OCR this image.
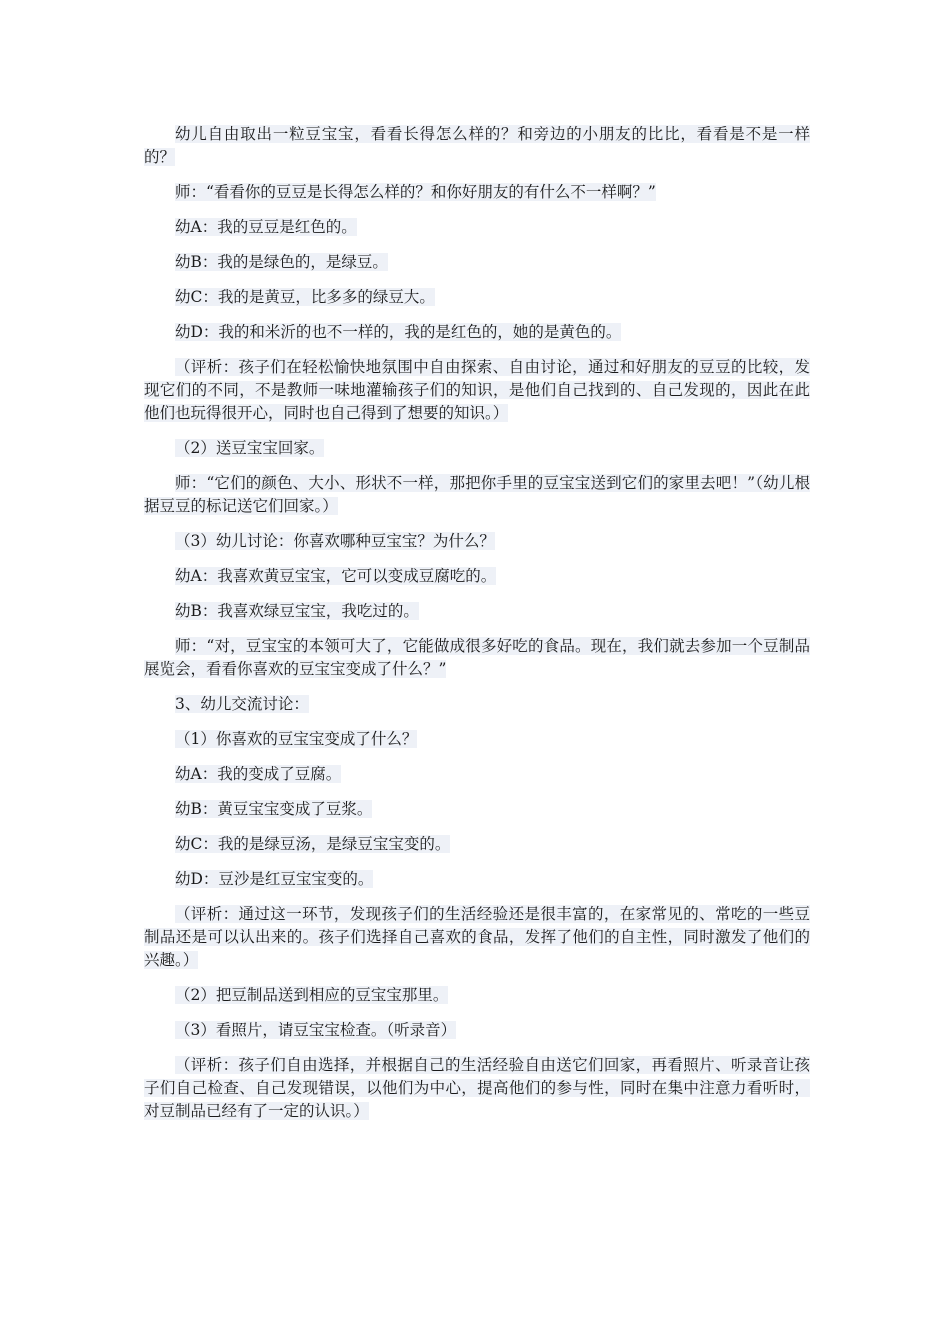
幼儿自由取出一粒豆宝宝，看看长得怎么样的？和旁边的小朋友的比比，看看是不是一样的？

师：“看看你的豆豆是长得怎么样的？和你好朋友的有什么不一样啊？”

幼A：我的豆豆是红色的。

幼B：我的是绿色的，是绿豆。

幼C：我的是黄豆，比多多的绿豆大。

幼D：我的和米沂的也不一样的，我的是红色的，她的是黄色的。

（评析：孩子们在轻松愉快地氛围中自由探索、自由讨论，通过和好朋友的豆豆的比较，发现它们的不同，不是教师一味地灌输孩子们的知识，是他们自己找到的、自己发现的，因此在此他们也玩得很开心，同时也自己得到了想要的知识。）

（2）送豆宝宝回家。

师：“它们的颜色、大小、形状不一样，那把你手里的豆宝宝送到它们的家里去吧！”（幼儿根据豆豆的标记送它们回家。）

（3）幼儿讨论：你喜欢哪种豆宝宝？为什么？

幼A：我喜欢黄豆宝宝，它可以变成豆腐吃的。

幼B：我喜欢绿豆宝宝，我吃过的。

师：“对，豆宝宝的本领可大了，它能做成很多好吃的食品。现在，我们就去参加一个豆制品展览会，看看你喜欢的豆宝宝变成了什么？”

3、幼儿交流讨论：

（1）你喜欢的豆宝宝变成了什么？

幼A：我的变成了豆腐。

幼B：黄豆宝宝变成了豆浆。

幼C：我的是绿豆汤，是绿豆宝宝变的。

幼D：豆沙是红豆宝宝变的。

（评析：通过这一环节，发现孩子们的生活经验还是很丰富的，在家常见的、常吃的一些豆制品还是可以认出来的。孩子们选择自己喜欢的食品，发挥了他们的自主性，同时激发了他们的兴趣。）

（2）把豆制品送到相应的豆宝宝那里。

（3）看照片，请豆宝宝检查。（听录音）

（评析：孩子们自由选择，并根据自己的生活经验自由送它们回家，再看照片、听录音让孩子们自己检查、自己发现错误，以他们为中心，提高他们的参与性，同时在集中注意力看听时，对豆制品已经有了一定的认识。）
